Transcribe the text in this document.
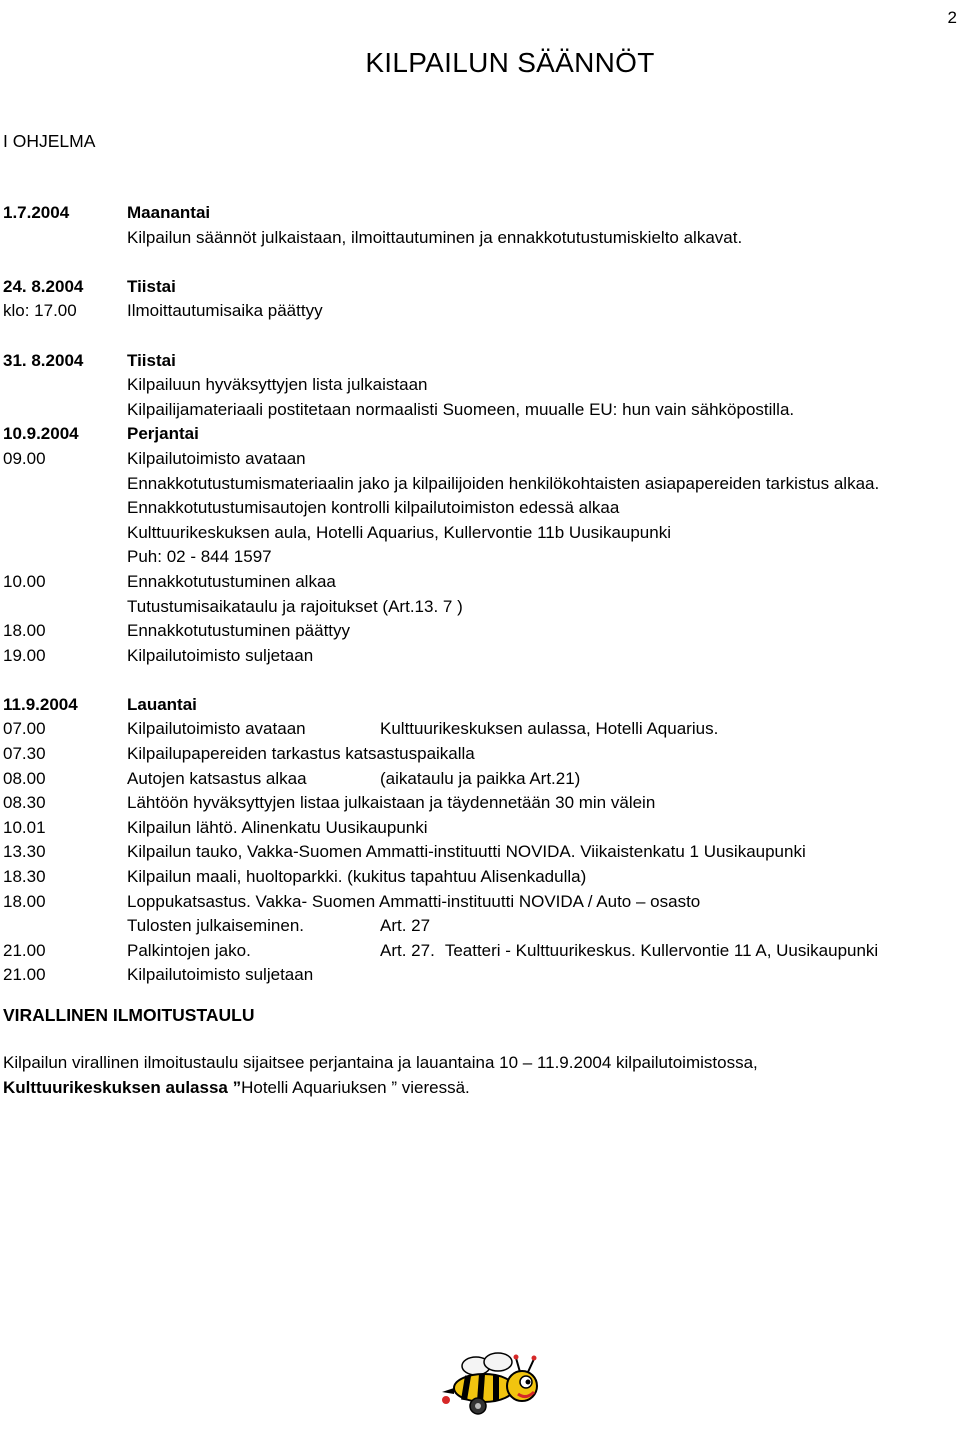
2
KILPAILUN SÄÄNNÖT
I OHJELMA
1.7.2004	Maanantai
Kilpailun säännöt julkaistaan, ilmoittautuminen ja ennakkotutustumiskielto alkavat.
24. 8.2004	Tiistai
klo: 17.00	Ilmoittautumisaika päättyy
31. 8.2004	Tiistai
Kilpailuun hyväksyttyjen lista julkaistaan
Kilpailijamateriaali postitetaan normaalisti Suomeen, muualle EU: hun vain sähköpostilla.
10.9.2004	Perjantai
09.00	Kilpailutoimisto avataan
Ennakkotutustumismateriaalin jako ja kilpailijoiden henkilökohtaisten asiapapereiden tarkistus alkaa.
Ennakkotutustumisautojen kontrolli kilpailutoimiston edessä alkaa
Kulttuurikeskuksen aula, Hotelli Aquarius, Kullervontie 11b Uusikaupunki
Puh: 02 - 844 1597
10.00	Ennakkotutustuminen alkaa
Tutustumisaikataulu ja rajoitukset (Art.13. 7 )
18.00	Ennakkotutustuminen päättyy
19.00	Kilpailutoimisto suljetaan
11.9.2004	Lauantai
07.00	Kilpailutoimisto avataan	Kulttuurikeskuksen aulassa, Hotelli Aquarius.
07.30	Kilpailupapereiden tarkastus katsastuspaikalla
08.00	Autojen katsastus alkaa	(aikataulu ja paikka Art.21)
08.30	Lähtöön hyväksyttyjen listaa julkaistaan ja täydennetään 30 min välein
10.01	Kilpailun lähtö. Alinenkatu Uusikaupunki
13.30	Kilpailun tauko, Vakka-Suomen Ammatti-instituutti NOVIDA. Viikaistenkatu 1 Uusikaupunki
18.30	Kilpailun maali, huoltoparkki. (kukitus tapahtuu Alisenkadulla)
18.00	Loppukatsastus. Vakka- Suomen Ammatti-instituutti NOVIDA / Auto – osasto
Tulosten julkaiseminen.	Art. 27
21.00	Palkintojen jako.	Art. 27. Teatteri - Kulttuurikeskus. Kullervontie 11 A, Uusikaupunki
21.00	Kilpailutoimisto suljetaan
VIRALLINEN ILMOITUSTAULU
Kilpailun virallinen ilmoitustaulu sijaitsee perjantaina ja lauantaina 10 – 11.9.2004 kilpailutoimistossa,
Kulttuurikeskuksen aulassa ”Hotelli Aquariuksen ” vieressä.
